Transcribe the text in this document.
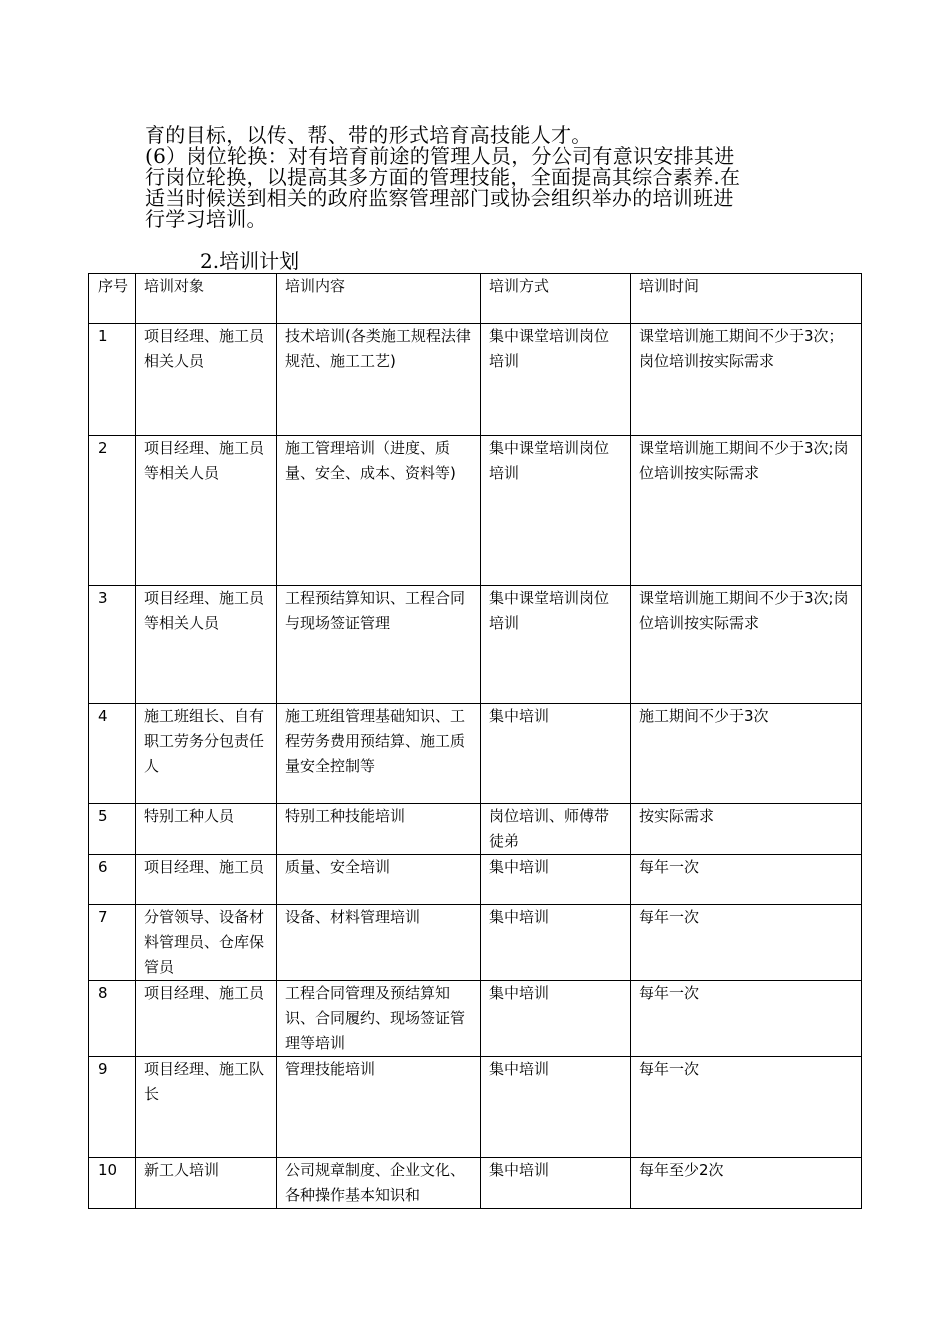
育的目标，以传、帮、带的形式培育高技能人才。

(6）岗位轮换：对有培育前途的管理人员，分公司有意识安排其进

行岗位轮换，以提高其多方面的管理技能，全面提高其综合素养.在

适当时候送到相关的政府监察管理部门或协会组织举办的培训班进

行学习培训。

2.培训计划
序号	培训对象	培训内容	培训方式	培训时间
1	项目经理、施工员相关人员	技术培训(各类施工规程法律规范、施工工艺)	集中课堂培训岗位培训	课堂培训施工期间不少于3次；岗位培训按实际需求
2	项目经理、施工员等相关人员	施工管理培训（进度、质量、安全、成本、资料等)	集中课堂培训岗位培训	课堂培训施工期间不少于3次;岗位培训按实际需求
3	项目经理、施工员等相关人员	工程预结算知识、工程合同与现场签证管理	集中课堂培训岗位培训	课堂培训施工期间不少于3次;岗位培训按实际需求
4	施工班组长、自有职工劳务分包责任人	施工班组管理基础知识、工程劳务费用预结算、施工质量安全控制等	集中培训	施工期间不少于3次
5	特别工种人员	特别工种技能培训	岗位培训、师傅带徒弟	按实际需求
6	项目经理、施工员	质量、安全培训	集中培训	每年一次
7	分管领导、设备材料管理员、仓库保管员	设备、材料管理培训	集中培训	每年一次
8	项目经理、施工员	工程合同管理及预结算知识、合同履约、现场签证管理等培训	集中培训	每年一次
9	项目经理、施工队长	管理技能培训	集中培训	每年一次
10	新工人培训	公司规章制度、企业文化、各种操作基本知识和	集中培训	每年至少2次
